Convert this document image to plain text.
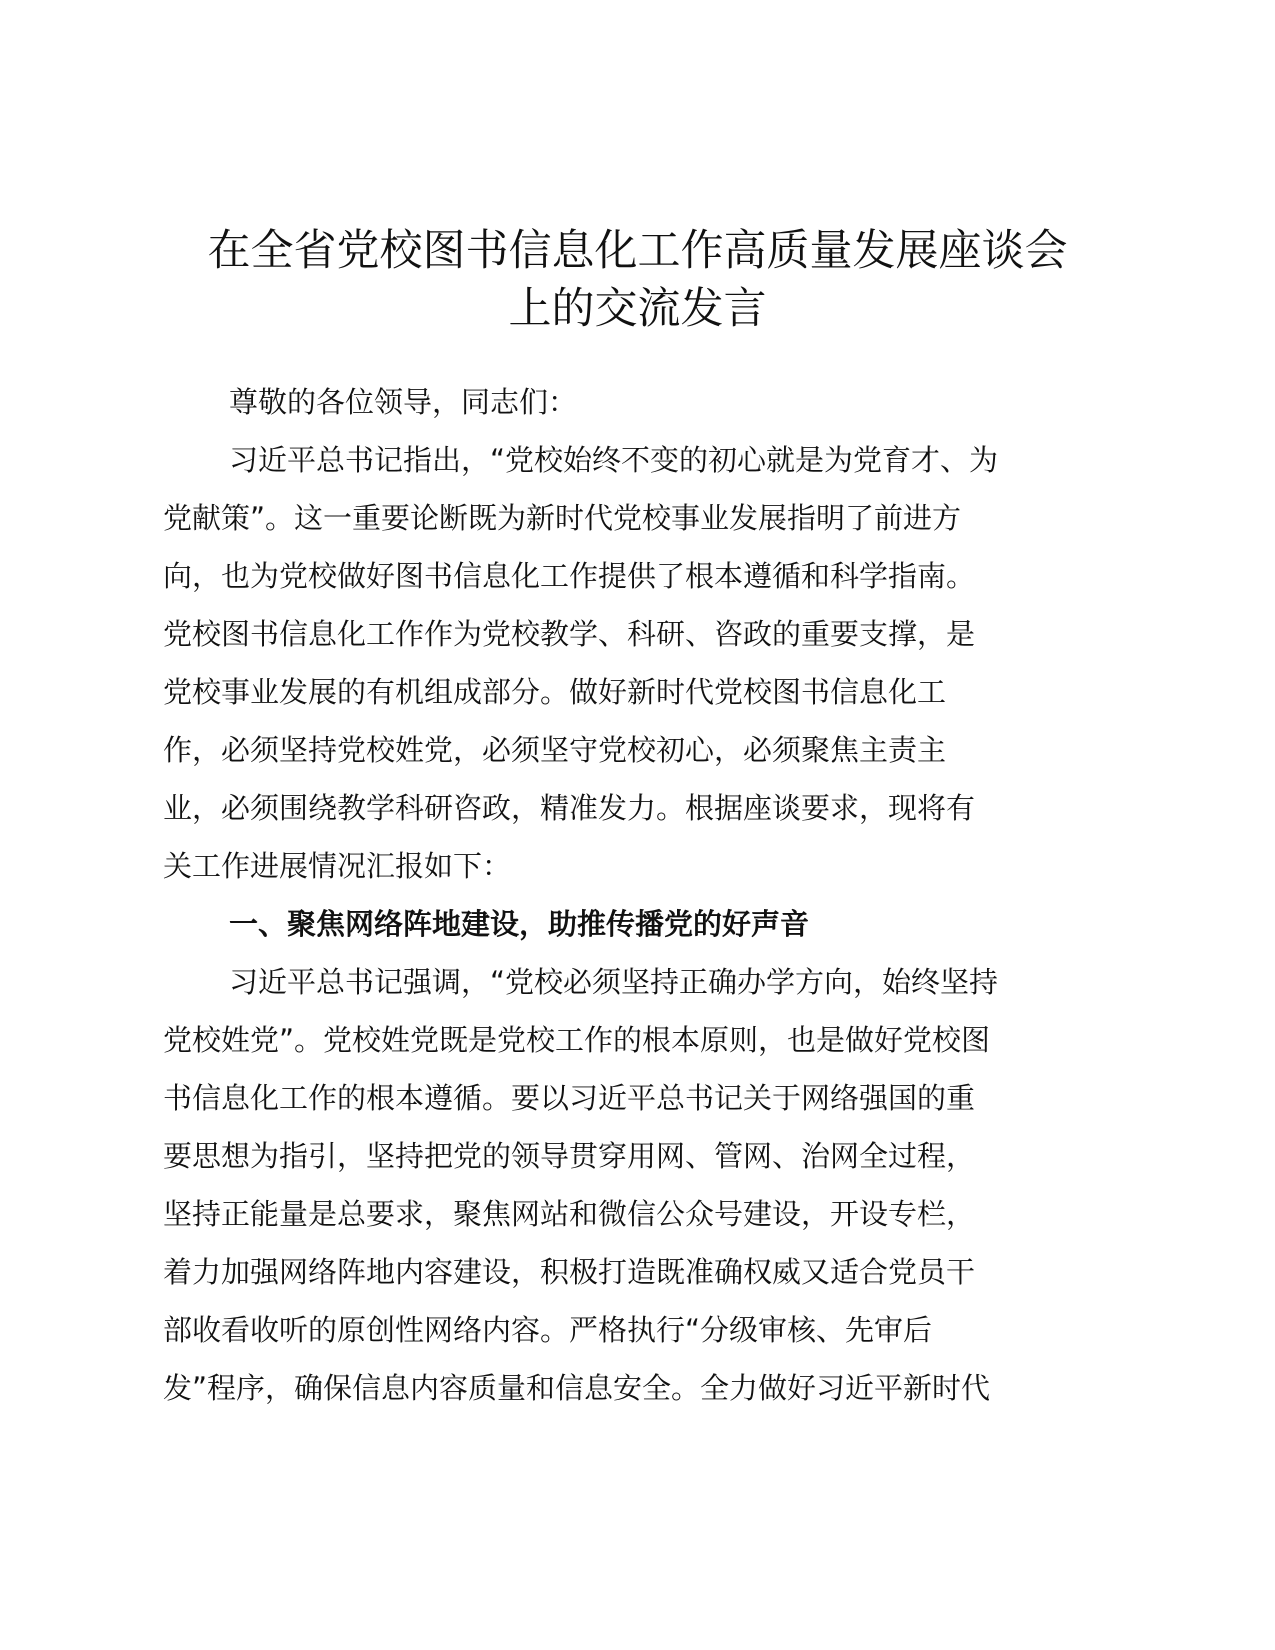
在全省党校图书信息化工作高质量发展座谈会
上的交流发言
尊敬的各位领导，同志们：
习近平总书记指出，“党校始终不变的初心就是为党育才、为
党献策”。这一重要论断既为新时代党校事业发展指明了前进方
向，也为党校做好图书信息化工作提供了根本遵循和科学指南。
党校图书信息化工作作为党校教学、科研、咨政的重要支撑，是
党校事业发展的有机组成部分。做好新时代党校图书信息化工
作，必须坚持党校姓党，必须坚守党校初心，必须聚焦主责主
业，必须围绕教学科研咨政，精准发力。根据座谈要求，现将有
关工作进展情况汇报如下：
一、聚焦网络阵地建设，助推传播党的好声音
习近平总书记强调，“党校必须坚持正确办学方向，始终坚持
党校姓党”。党校姓党既是党校工作的根本原则，也是做好党校图
书信息化工作的根本遵循。要以习近平总书记关于网络强国的重
要思想为指引，坚持把党的领导贯穿用网、管网、治网全过程，
坚持正能量是总要求，聚焦网站和微信公众号建设，开设专栏，
着力加强网络阵地内容建设，积极打造既准确权威又适合党员干
部收看收听的原创性网络内容。严格执行“分级审核、先审后
发”程序，确保信息内容质量和信息安全。全力做好习近平新时代
